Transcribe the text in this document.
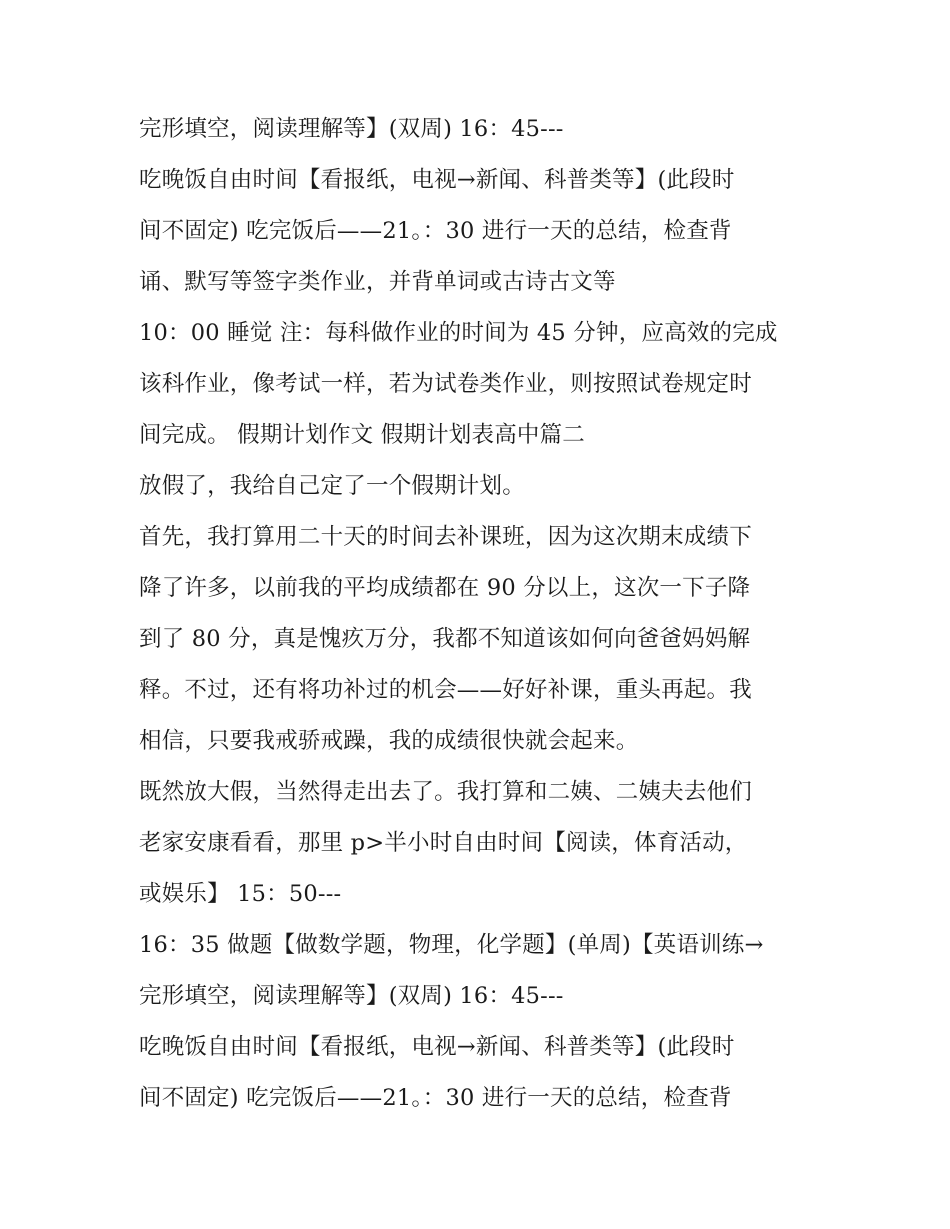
完形填空，阅读理解等】(双周) 16：45---
吃晚饭自由时间【看报纸，电视→新闻、科普类等】(此段时
间不固定) 吃完饭后——21。：30 进行一天的总结，检查背
诵、默写等签字类作业，并背单词或古诗古文等
10：00 睡觉 注：每科做作业的时间为 45 分钟，应高效的完成
该科作业，像考试一样，若为试卷类作业，则按照试卷规定时
间完成。 假期计划作文 假期计划表高中篇二
放假了，我给自己定了一个假期计划。
首先，我打算用二十天的时间去补课班，因为这次期末成绩下
降了许多，以前我的平均成绩都在 90 分以上，这次一下子降
到了 80 分，真是愧疚万分，我都不知道该如何向爸爸妈妈解
释。不过，还有将功补过的机会——好好补课，重头再起。我
相信，只要我戒骄戒躁，我的成绩很快就会起来。
既然放大假，当然得走出去了。我打算和二姨、二姨夫去他们
老家安康看看，那里 p>半小时自由时间【阅读，体育活动，
或娱乐】 15：50---
16：35 做题【做数学题，物理，化学题】(单周)【英语训练→
完形填空，阅读理解等】(双周) 16：45---
吃晚饭自由时间【看报纸，电视→新闻、科普类等】(此段时
间不固定) 吃完饭后——21。：30 进行一天的总结，检查背
